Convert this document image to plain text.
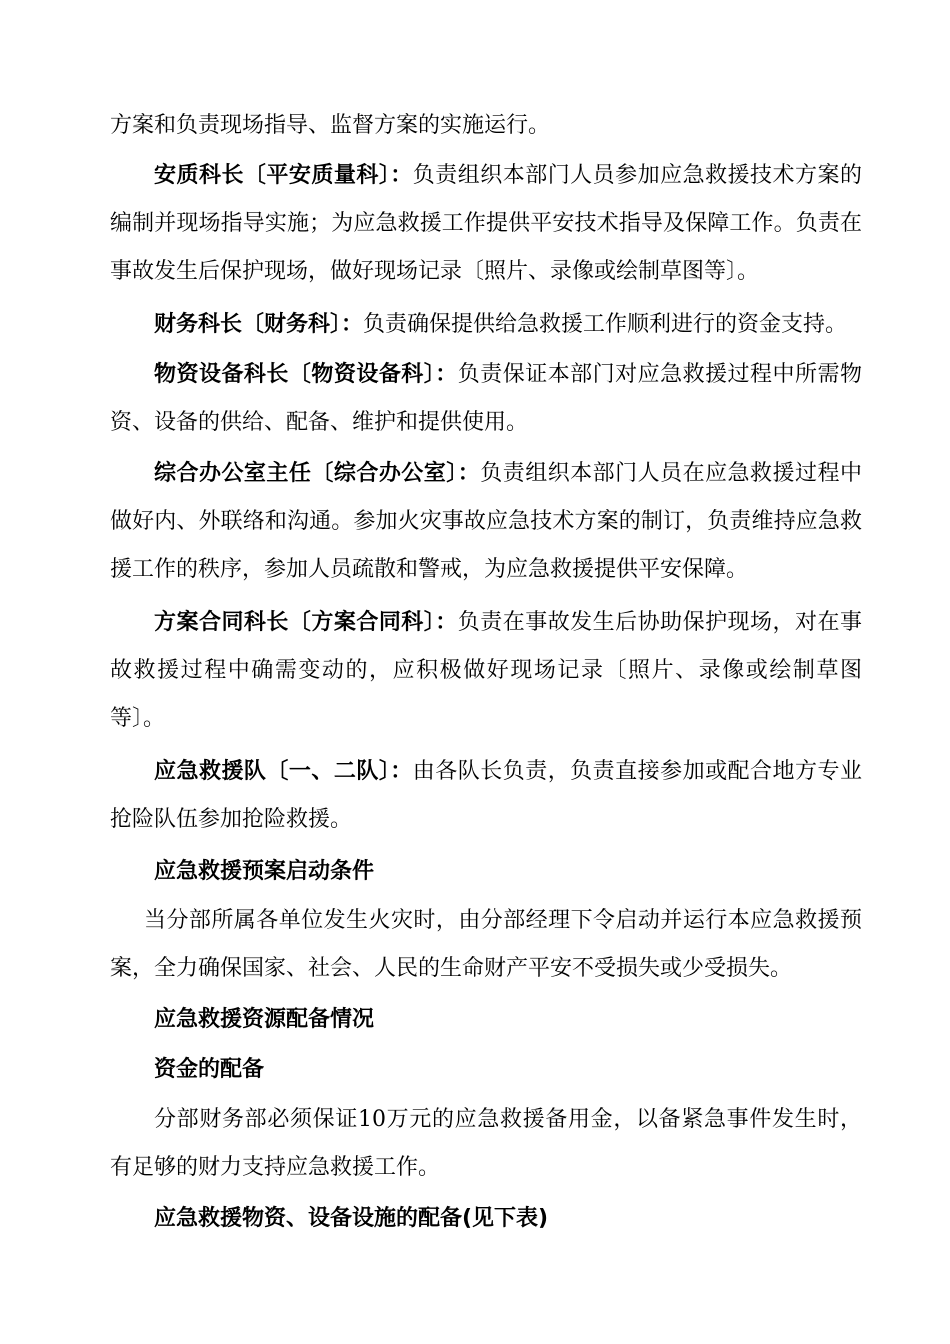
方案和负责现场指导、监督方案的实施运行。
安质科长〔平安质量科〕：负责组织本部门人员参加应急救援技术方案的编制并现场指导实施；为应急救援工作提供平安技术指导及保障工作。负责在事故发生后保护现场，做好现场记录〔照片、录像或绘制草图等〕。
财务科长〔财务科〕：负责确保提供给急救援工作顺利进行的资金支持。
物资设备科长〔物资设备科〕：负责保证本部门对应急救援过程中所需物资、设备的供给、配备、维护和提供使用。
综合办公室主任〔综合办公室〕：负责组织本部门人员在应急救援过程中做好内、外联络和沟通。参加火灾事故应急技术方案的制订，负责维持应急救援工作的秩序，参加人员疏散和警戒，为应急救援提供平安保障。
方案合同科长〔方案合同科〕：负责在事故发生后协助保护现场，对在事故救援过程中确需变动的，应积极做好现场记录〔照片、录像或绘制草图等〕。
应急救援队〔一、二队〕：由各队长负责，负责直接参加或配合地方专业抢险队伍参加抢险救援。
应急救援预案启动条件
当分部所属各单位发生火灾时，由分部经理下令启动并运行本应急救援预案，全力确保国家、社会、人民的生命财产平安不受损失或少受损失。
应急救援资源配备情况
资金的配备
分部财务部必须保证10万元的应急救援备用金，以备紧急事件发生时，有足够的财力支持应急救援工作。
应急救援物资、设备设施的配备(见下表)
